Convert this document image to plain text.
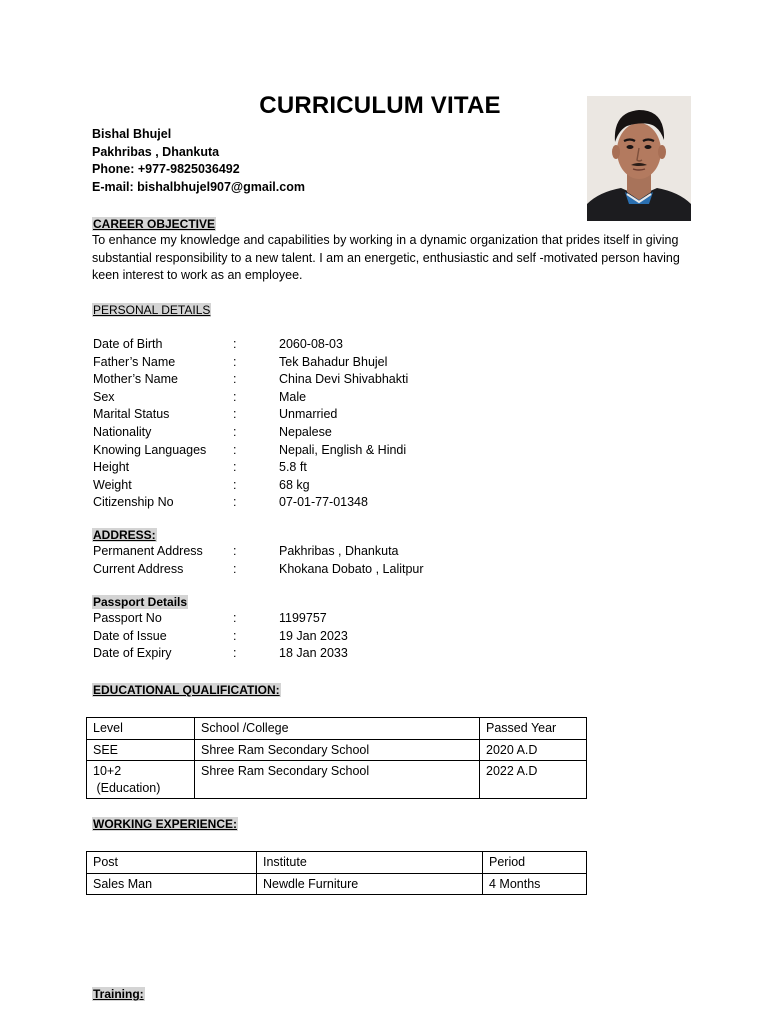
CURRICULUM VITAE
Bishal Bhujel
Pakhribas , Dhankuta
Phone: +977-9825036492
E-mail: bishalbhujel907@gmail.com
CAREER OBJECTIVE
To enhance my knowledge and capabilities by working in a dynamic organization that prides itself in giving substantial responsibility to a new talent. I am an energetic, enthusiastic and self -motivated person having keen interest to work as an employee.
PERSONAL DETAILS
Date of Birth	:	2060-08-03
Father’s Name	:	Tek Bahadur Bhujel
Mother’s Name	:	China Devi Shivabhakti
Sex	:	Male
Marital Status	:	Unmarried
Nationality	:	Nepalese
Knowing Languages :	Nepali, English & Hindi
Height	:	5.8 ft
Weight	:	68 kg
Citizenship No	:	07-01-77-01348
ADDRESS:
Permanent Address :	Pakhribas , Dhankuta
Current Address	:	Khokana Dobato , Lalitpur
Passport Details
Passport No	:	1199757
Date of Issue	:	19 Jan 2023
Date of Expiry	:	18 Jan 2033
EDUCATIONAL QUALIFICATION:
Level	School /College	Passed Year
SEE	Shree Ram Secondary School	2020 A.D

10+2
(Education)	Shree Ram Secondary School	2022 A.D
WORKING EXPERIENCE:
Post	Institute	Period
Sales Man	Newdle Furniture	4 Months
Training:
